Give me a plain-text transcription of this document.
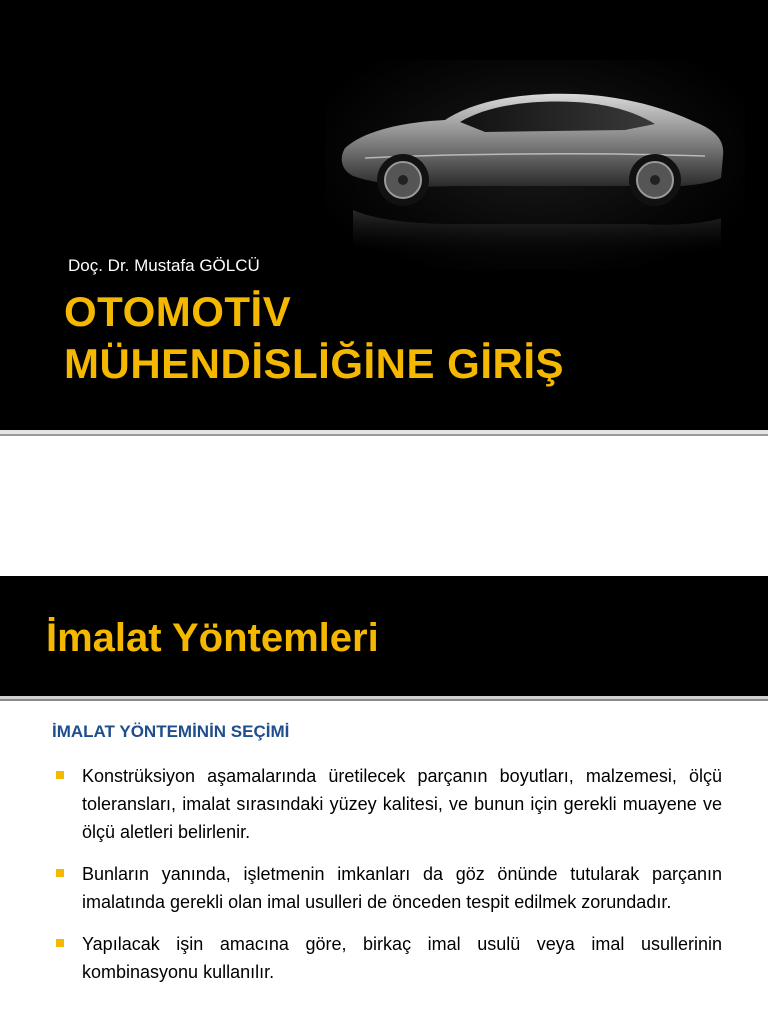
Doç. Dr. Mustafa GÖLCÜ
OTOMOTİV
MÜHENDİSLİĞİNE GİRİŞ
İmalat Yöntemleri
İMALAT YÖNTEMİNİN SEÇİMİ
Konstrüksiyon aşamalarında üretilecek parçanın boyutları, malzemesi, ölçü toleransları, imalat sırasındaki yüzey kalitesi, ve bunun için gerekli muayene ve ölçü aletleri belirlenir.
Bunların yanında, işletmenin imkanları da göz önünde tutularak parçanın imalatında gerekli olan imal usulleri de önceden tespit edilmek zorundadır.
Yapılacak işin amacına göre, birkaç imal usulü veya imal usullerinin kombinasyonu kullanılır.
